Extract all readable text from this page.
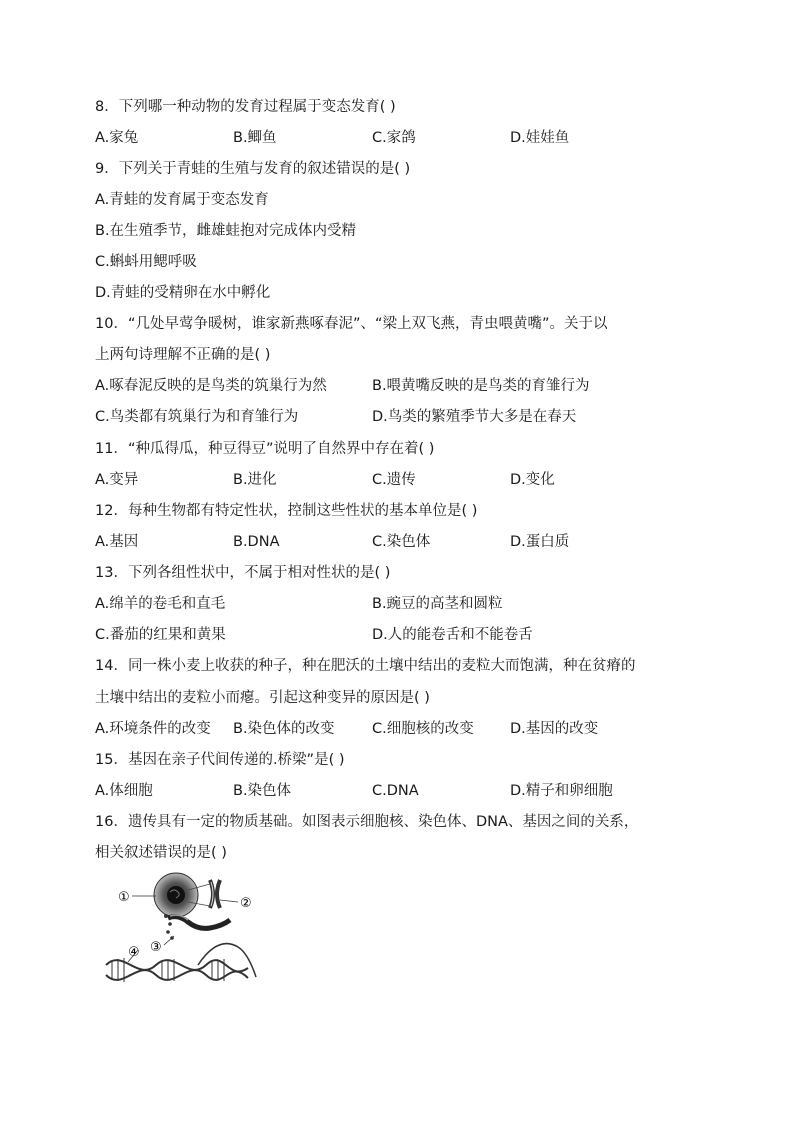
8．下列哪一种动物的发育过程属于变态发育( )
A.家兔	B.鲫鱼	C.家鸽	D.娃娃鱼
9．下列关于青蛙的生殖与发育的叙述错误的是( )
A.青蛙的发育属于变态发育
B.在生殖季节，雌雄蛙抱对完成体内受精
C.蝌蚪用鳃呼吸
D.青蛙的受精卵在水中孵化
10．“几处早莺争暖树，谁家新燕啄春泥”、“梁上双飞燕，青虫喂黄嘴”。关于以
上两句诗理解不正确的是( )
A.啄春泥反映的是鸟类的筑巢行为然	B.喂黄嘴反映的是鸟类的育雏行为
C.鸟类都有筑巢行为和育雏行为	D.鸟类的繁殖季节大多是在春天
11．“种瓜得瓜，种豆得豆”说明了自然界中存在着( )
A.变异	B.进化	C.遗传	D.变化
12．每种生物都有特定性状，控制这些性状的基本单位是( )
A.基因	B.DNA	C.染色体	D.蛋白质
13．下列各组性状中，不属于相对性状的是( )
A.绵羊的卷毛和直毛	B.豌豆的高茎和圆粒
C.番茄的红果和黄果	D.人的能卷舌和不能卷舌
14．同一株小麦上收获的种子，种在肥沃的土壤中结出的麦粒大而饱满，种在贫瘠的
土壤中结出的麦粒小而瘪。引起这种变异的原因是( )
A.环境条件的改变 B.染色体的改变	C.细胞核的改变	D.基因的改变
15．基因在亲子代间传递的.桥梁”是( )
A.体细胞	B.染色体	C.DNA	D.精子和卵细胞
16．遗传具有一定的物质基础。如图表示细胞核、染色体、DNA、基因之间的关系，
相关叙述错误的是( )
①	②
③
④
